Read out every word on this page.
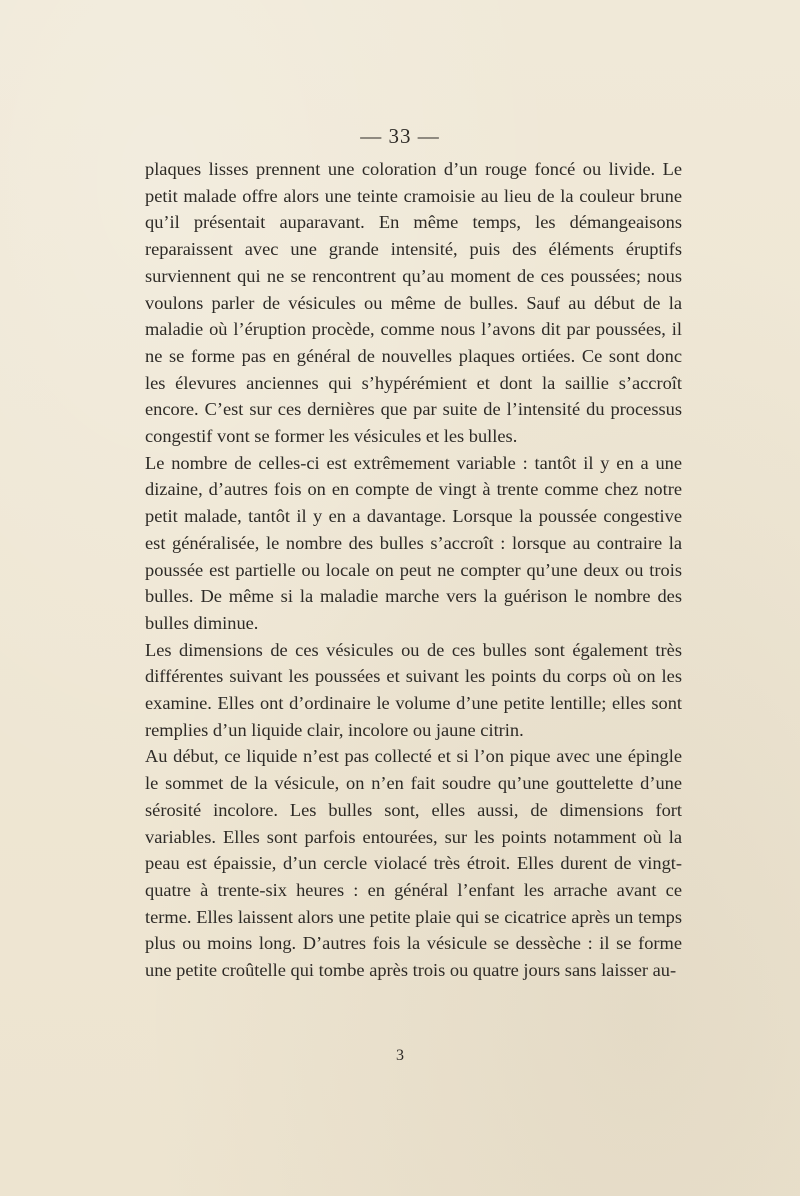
— 33 —

plaques lisses prennent une coloration d’un rouge foncé ou livide. Le petit malade offre alors une teinte cramoisie au lieu de la couleur brune qu’il présentait auparavant. En même temps, les démangeaisons reparaissent avec une grande intensité, puis des éléments éruptifs surviennent qui ne se rencontrent qu’au moment de ces poussées; nous voulons parler de vésicules ou même de bulles. Sauf au début de la maladie où l’éruption procède, comme nous l’avons dit par poussées, il ne se forme pas en général de nouvelles plaques ortiées. Ce sont donc les élevures anciennes qui s’hypérémient et dont la saillie s’accroît encore. C’est sur ces dernières que par suite de l’intensité du processus congestif vont se former les vésicules et les bulles.

Le nombre de celles-ci est extrêmement variable : tantôt il y en a une dizaine, d’autres fois on en compte de vingt à trente comme chez notre petit malade, tantôt il y en a davantage. Lorsque la poussée congestive est généralisée, le nombre des bulles s’accroît : lorsque au contraire la poussée est partielle ou locale on peut ne compter qu’une deux ou trois bulles. De même si la maladie marche vers la guérison le nombre des bulles diminue.

Les dimensions de ces vésicules ou de ces bulles sont également très différentes suivant les poussées et suivant les points du corps où on les examine. Elles ont d’ordinaire le volume d’une petite lentille; elles sont remplies d’un liquide clair, incolore ou jaune citrin.

Au début, ce liquide n’est pas collecté et si l’on pique avec une épingle le sommet de la vésicule, on n’en fait soudre qu’une gouttelette d’une sérosité incolore. Les bulles sont, elles aussi, de dimensions fort variables. Elles sont parfois entourées, sur les points notamment où la peau est épaissie, d’un cercle violacé très étroit. Elles durent de vingt-quatre à trente-six heures : en général l’enfant les arrache avant ce terme. Elles laissent alors une petite plaie qui se cicatrice après un temps plus ou moins long. D’autres fois la vésicule se dessèche : il se forme une petite croûtelle qui tombe après trois ou quatre jours sans laisser au-

3
